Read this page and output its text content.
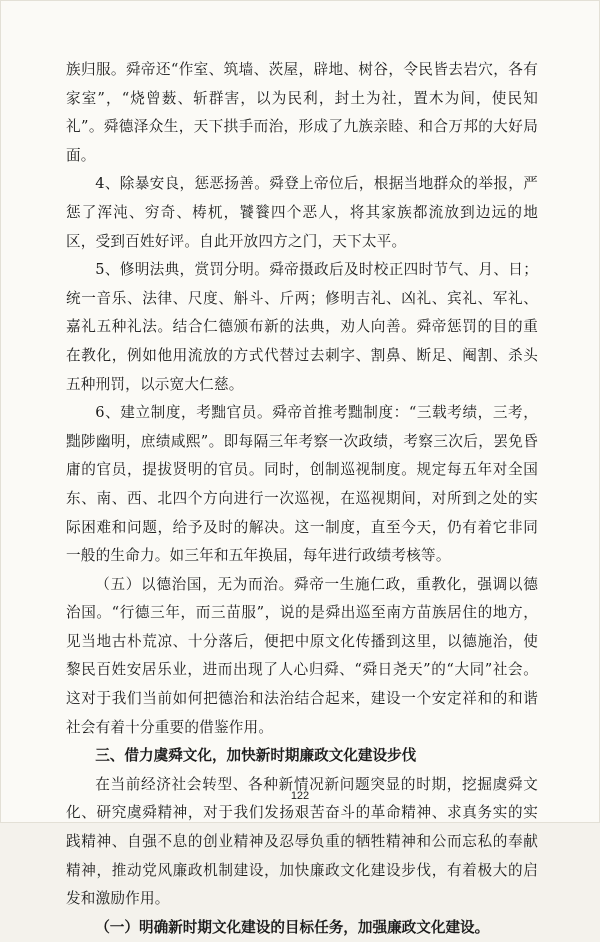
族归服。舜帝还“作室、筑墙、茨屋，辟地、树谷，令民皆去岩穴，各有家室”，“烧曾薮、斩群害，以为民利，封土为社，置木为间，使民知礼”。舜德泽众生，天下拱手而治，形成了九族亲睦、和合万邦的大好局面。

4、除暴安良，惩恶扬善。舜登上帝位后，根据当地群众的举报，严惩了浑沌、穷奇、梼杌，饕餮四个恶人，将其家族都流放到边远的地区，受到百姓好评。自此开放四方之门，天下太平。

5、修明法典，赏罚分明。舜帝摄政后及时校正四时节气、月、日；统一音乐、法律、尺度、斛斗、斤两；修明吉礼、凶礼、宾礼、军礼、嘉礼五种礼法。结合仁德颁布新的法典，劝人向善。舜帝惩罚的目的重在教化，例如他用流放的方式代替过去刺字、割鼻、断足、阉割、杀头五种刑罚，以示宽大仁慈。

6、建立制度，考黜官员。舜帝首推考黜制度：“三载考绩，三考，黜陟幽明，庶绩咸熙”。即每隔三年考察一次政绩，考察三次后，罢免昏庸的官员，提拔贤明的官员。同时，创制巡视制度。规定每五年对全国东、南、西、北四个方向进行一次巡视，在巡视期间，对所到之处的实际困难和问题，给予及时的解决。这一制度，直至今天，仍有着它非同一般的生命力。如三年和五年换届，每年进行政绩考核等。

（五）以德治国，无为而治。舜帝一生施仁政，重教化，强调以德治国。“行德三年，而三苗服”，说的是舜出巡至南方苗族居住的地方，见当地古朴荒凉、十分落后，便把中原文化传播到这里，以德施治，使黎民百姓安居乐业，进而出现了人心归舜、“舜日尧天”的“大同”社会。这对于我们当前如何把德治和法治结合起来，建设一个安定祥和的和谐社会有着十分重要的借鉴作用。

三、借力虞舜文化，加快新时期廉政文化建设步伐

在当前经济社会转型、各种新情况新问题突显的时期，挖掘虞舜文化、研究虞舜精神，对于我们发扬艰苦奋斗的革命精神、求真务实的实践精神、自强不息的创业精神及忍辱负重的牺牲精神和公而忘私的奉献精神，推动党风廉政机制建设，加快廉政文化建设步伐，有着极大的启发和激励作用。

（一）明确新时期文化建设的目标任务，加强廉政文化建设。

122
